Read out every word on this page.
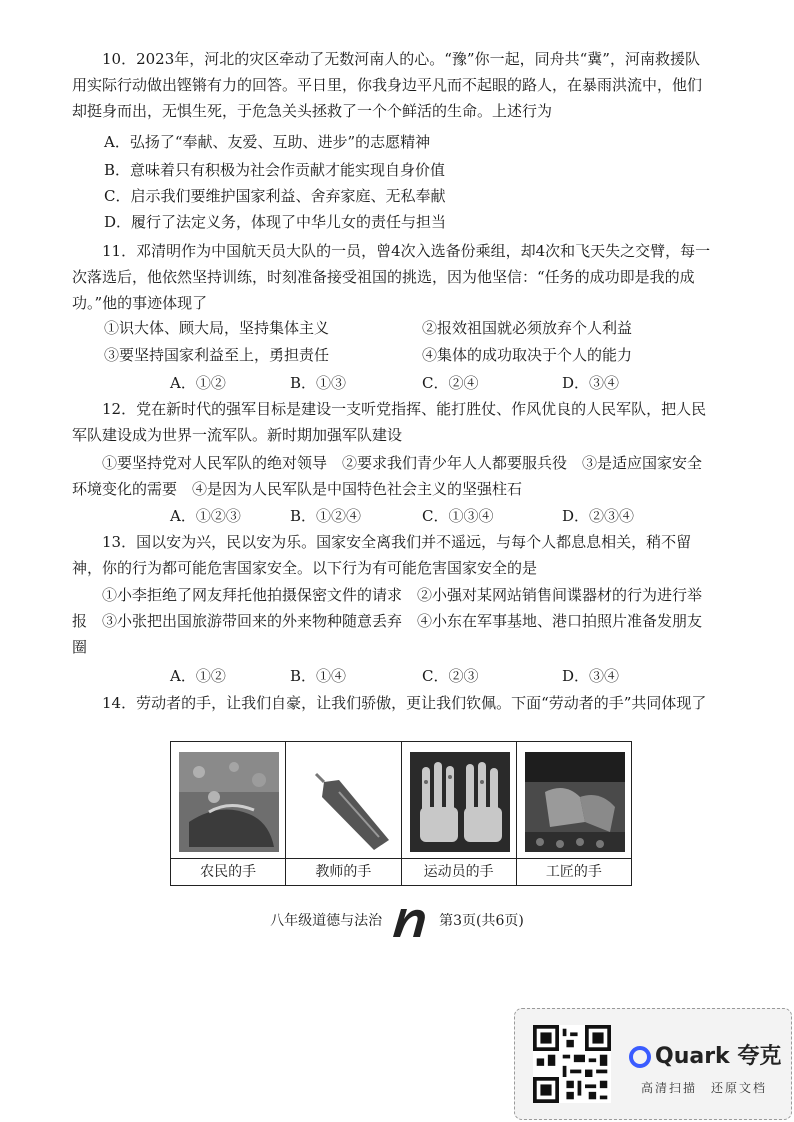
10．2023年，河北的灾区牵动了无数河南人的心。“豫”你一起，同舟共“冀”，河南救援队用实际行动做出铿锵有力的回答。平日里，你我身边平凡而不起眼的路人，在暴雨洪流中，他们却挺身而出，无惧生死，于危急关头拯救了一个个鲜活的生命。上述行为
A．弘扬了“奉献、友爱、互助、进步”的志愿精神
B．意味着只有积极为社会作贡献才能实现自身价值
C．启示我们要维护国家利益、舍弃家庭、无私奉献
D．履行了法定义务，体现了中华儿女的责任与担当
11．邓清明作为中国航天员大队的一员，曾4次入选备份乘组，却4次和飞天失之交臂，每一次落选后，他依然坚持训练，时刻准备接受祖国的挑选，因为他坚信：“任务的成功即是我的成功。”他的事迹体现了
①识大体、顾大局，坚持集体主义	②报效祖国就必须放弃个人利益
③要坚持国家利益至上，勇担责任	④集体的成功取决于个人的能力
A．①②	B．①③	C．②④	D．③④
12．党在新时代的强军目标是建设一支听党指挥、能打胜仗、作风优良的人民军队，把人民军队建设成为世界一流军队。新时期加强军队建设
①要坚持党对人民军队的绝对领导　②要求我们青少年人人都要服兵役　③是适应国家安全环境变化的需要　④是因为人民军队是中国特色社会主义的坚强柱石
A．①②③	B．①②④	C．①③④	D．②③④
13．国以安为兴，民以安为乐。国家安全离我们并不遥远，与每个人都息息相关，稍不留神，你的行为都可能危害国家安全。以下行为有可能危害国家安全的是
①小李拒绝了网友拜托他拍摄保密文件的请求　②小强对某网站销售间谍器材的行为进行举报　③小张把出国旅游带回来的外来物种随意丢弃　④小东在军事基地、港口拍照片准备发朋友圈
A．①②	B．①④	C．②③	D．③④
14．劳动者的手，让我们自豪，让我们骄傲，更让我们钦佩。下面“劳动者的手”共同体现了
农民的手	教师的手	运动员的手	工匠的手
八年级道德与法治	第3页(共6页)
Quark 夸克
高清扫描　还原文档
